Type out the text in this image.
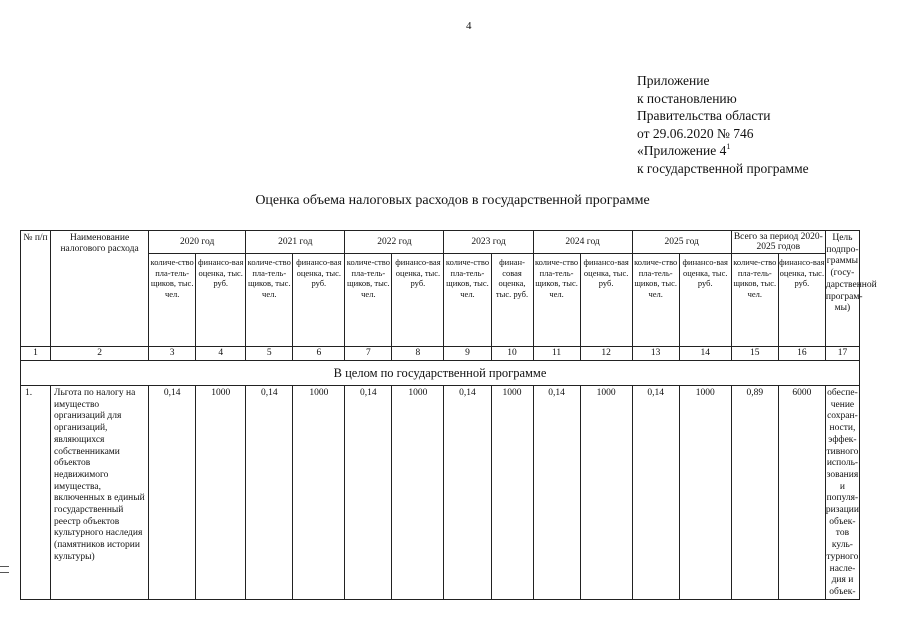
4
Приложение
к постановлению
Правительства области
от 29.06.2020 № 746
«Приложение $4^1$
к государственной программе
Оценка объема налоговых расходов в государственной программе
№ п/п	Наименование налогового расхода	2020 год		2021 год		2022 год		2023 год		2024 год		2025 год		Всего за период 2020-2025 годов		Цель подпро-граммы (госу-дарственной програм-мы)
		количе-ство пла-тель-щиков, тыс. чел.	финансо-вая оценка, тыс. руб.	количе-ство пла-тель-щиков, тыс. чел.	финансо-вая оценка, тыс. руб.	количе-ство пла-тель-щиков, тыс. чел.	финансо-вая оценка, тыс. руб.	количе-ство пла-тель-щиков, тыс. чел.	финан-совая оценка, тыс. руб.	количе-ство пла-тель-щиков, тыс. чел.	финансо-вая оценка, тыс. руб.	количе-ство пла-тель-щиков, тыс. чел.	финансо-вая оценка, тыс. руб.	количе-ство пла-тель-щиков, тыс. чел.	финансо-вая оценка, тыс. руб.	
1	2	3	4	5	6	7	8	9	10	11	12	13	14	15	16	17
В целом по государственной программе																
1.	Льгота по налогу на имущество организаций для организаций, являющихся собственниками объектов недвижимого имущества, включенных в единый государственный реестр объектов культурного наследия (памятников истории культуры)	0,14	1000	0,14	1000	0,14	1000	0,14	1000	0,14	1000	0,14	1000	0,89	6000	обеспе-чение сохран-ности, эффек-тивного исполь-зования и популя-ризации объек-тов куль-турного насле-дия и объек-
